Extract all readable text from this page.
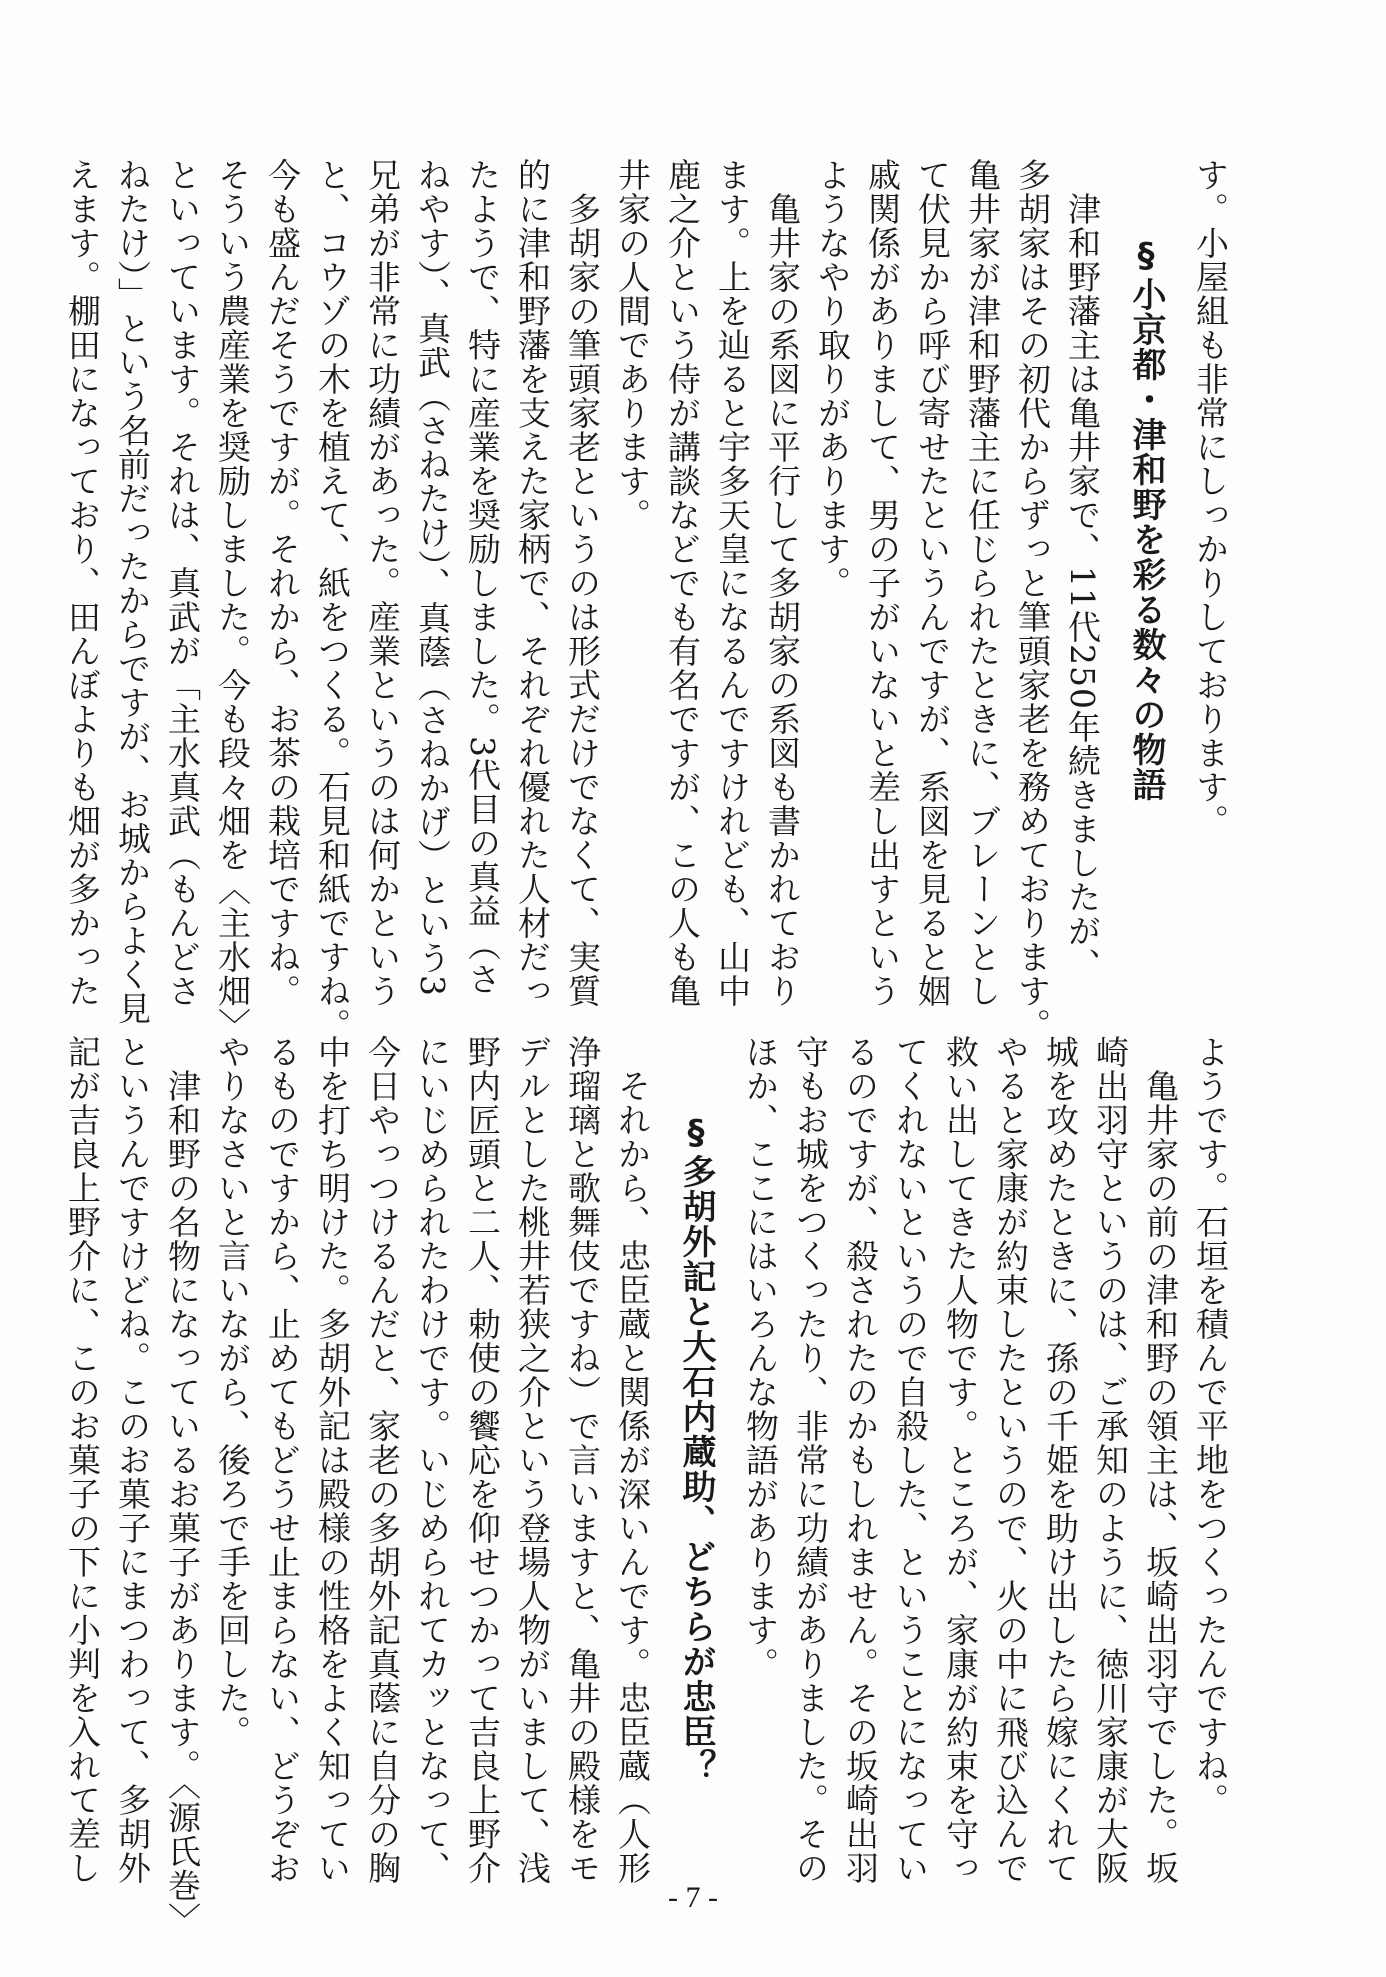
す。小屋組も非常にしっかりしております。
§小京都・津和野を彩る数々の物語
　津和野藩主は亀井家で、11代250年続きましたが、
多胡家はその初代からずっと筆頭家老を務めております。
亀井家が津和野藩主に任じられたときに、ブレーンとし
て伏見から呼び寄せたというんですが、系図を見ると姻
戚関係がありまして、男の子がいないと差し出すという
ようなやり取りがあります。
　亀井家の系図に平行して多胡家の系図も書かれており
ます。上を辿ると宇多天皇になるんですけれども、山中
鹿之介という侍が講談などでも有名ですが、この人も亀
井家の人間であります。
　多胡家の筆頭家老というのは形式だけでなくて、実質
的に津和野藩を支えた家柄で、それぞれ優れた人材だっ
たようで、特に産業を奨励しました。3代目の真益（さ
ねやす）、真武（さねたけ）、真蔭（さねかげ）という3
兄弟が非常に功績があった。産業というのは何かという
と、コウゾの木を植えて、紙をつくる。石見和紙ですね。
今も盛んだそうですが。それから、お茶の栽培ですね。
そういう農産業を奨励しました。今も段々畑を〈主水畑〉
といっています。それは、真武が「主水真武（もんどさ
ねたけ）」という名前だったからですが、お城からよく見
えます。棚田になっており、田んぼよりも畑が多かった
ようです。石垣を積んで平地をつくったんですね。
　亀井家の前の津和野の領主は、坂崎出羽守でした。坂
崎出羽守というのは、ご承知のように、徳川家康が大阪
城を攻めたときに、孫の千姫を助け出したら嫁にくれて
やると家康が約束したというので、火の中に飛び込んで
救い出してきた人物です。ところが、家康が約束を守っ
てくれないというので自殺した、ということになってい
るのですが、殺されたのかもしれません。その坂崎出羽
守もお城をつくったり、非常に功績がありました。その
ほか、ここにはいろんな物語があります。
§多胡外記と大石内蔵助、どちらが忠臣？
　それから、忠臣蔵と関係が深いんです。忠臣蔵（人形
浄瑠璃と歌舞伎ですね）で言いますと、亀井の殿様をモ
デルとした桃井若狭之介という登場人物がいまして、浅
野内匠頭と二人、勅使の饗応を仰せつかって吉良上野介
にいじめられたわけです。いじめられてカッとなって、
今日やっつけるんだと、家老の多胡外記真蔭に自分の胸
中を打ち明けた。多胡外記は殿様の性格をよく知ってい
るものですから、止めてもどうせ止まらない、どうぞお
やりなさいと言いながら、後ろで手を回した。
　津和野の名物になっているお菓子があります。〈源氏巻〉
というんですけどね。このお菓子にまつわって、多胡外
記が吉良上野介に、このお菓子の下に小判を入れて差し
- 7 -
